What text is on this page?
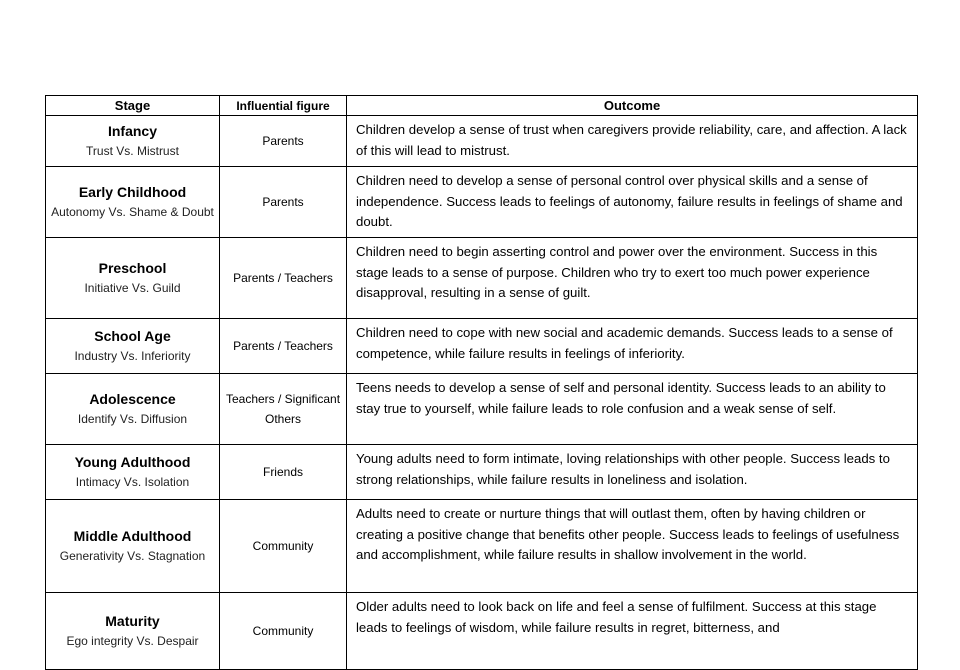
Stage	Influential figure	Outcome

Infancy
Trust Vs. Mistrust	Parents	Children develop a sense of trust when caregivers provide reliability, care, and affection. A lack of this will lead to mistrust.

Early Childhood
Autonomy Vs. Shame & Doubt	Parents	Children need to develop a sense of personal control over physical skills and a sense of independence. Success leads to feelings of autonomy, failure results in feelings of shame and doubt.

Preschool
Initiative Vs. Guild	Parents / Teachers	Children need to begin asserting control and power over the environment. Success in this stage leads to a sense of purpose. Children who try to exert too much power experience disapproval, resulting in a sense of guilt.

School Age
Industry Vs. Inferiority	Parents / Teachers	Children need to cope with new social and academic demands. Success leads to a sense of competence, while failure results in feelings of inferiority.

Adolescence
Identify Vs. Diffusion	Teachers / Significant Others	Teens needs to develop a sense of self and personal identity. Success leads to an ability to stay true to yourself, while failure leads to role confusion and a weak sense of self.

Young Adulthood
Intimacy Vs. Isolation	Friends	Young adults need to form intimate, loving relationships with other people. Success leads to strong relationships, while failure results in loneliness and isolation.

Middle Adulthood
Generativity Vs. Stagnation	Community	Adults need to create or nurture things that will outlast them, often by having children or creating a positive change that benefits other people. Success leads to feelings of usefulness and accomplishment, while failure results in shallow involvement in the world.

Maturity
Ego integrity Vs. Despair	Community	Older adults need to look back on life and feel a sense of fulfilment. Success at this stage leads to feelings of wisdom, while failure results in regret, bitterness, and
